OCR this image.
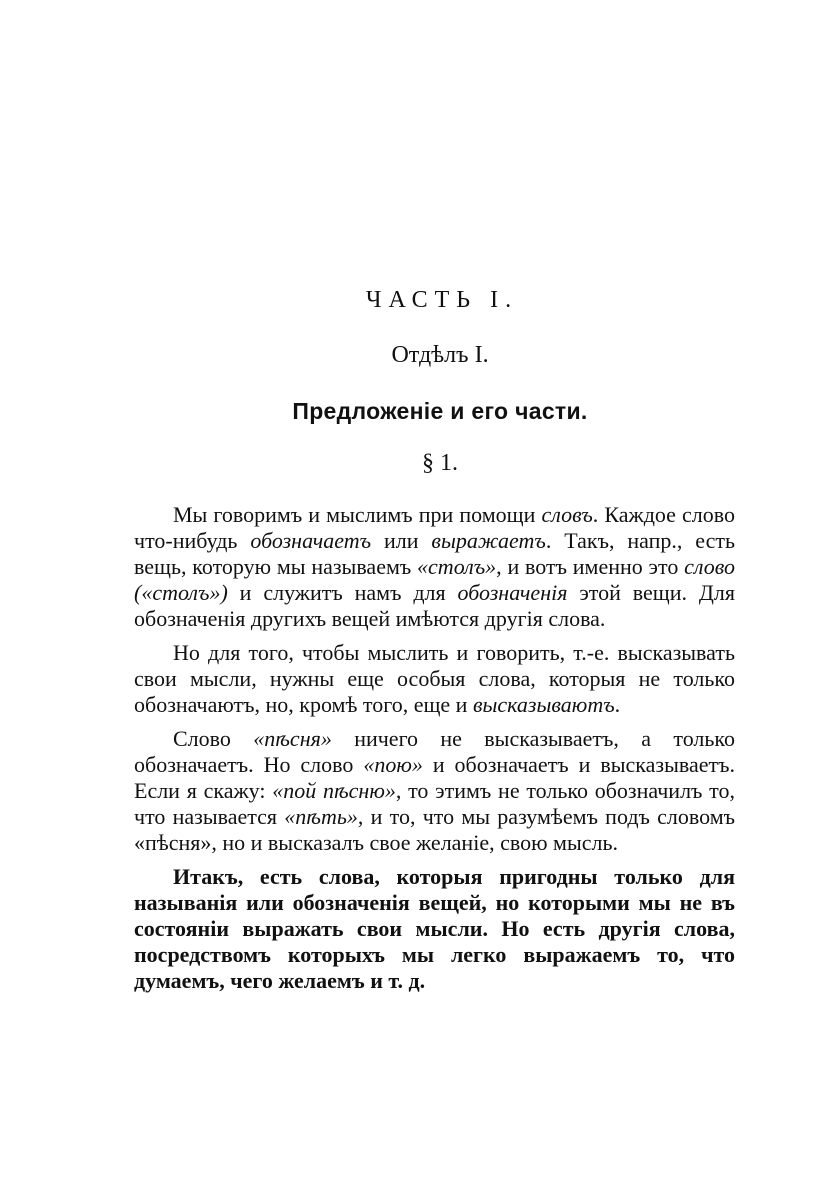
ЧАСТЬ I.
Отдѣлъ I.
Предложенiе и его части.
§ 1.

Мы говоримъ и мыслимъ при помощи словъ. Каждое слово что-нибудь обозначаетъ или выражаетъ. Такъ, напр., есть вещь, которую мы называемъ «столъ», и вотъ именно это слово («столъ») и служитъ намъ для обозначенія этой вещи. Для обозначенія другихъ вещей имѣются другія слова.

Но для того, чтобы мыслить и говорить, т.-е. высказывать свои мысли, нужны еще особыя слова, которыя не только обозначаютъ, но, кромѣ того, еще и высказываютъ.

Слово «пѣсня» ничего не высказываетъ, а только обозначаетъ. Но слово «пою» и обозначаетъ и высказываетъ. Если я скажу: «пой пѣсню», то этимъ не только обозначилъ то, что называется «пѣть», и то, что мы разумѣемъ подъ словомъ «пѣсня», но и высказалъ свое желаніе, свою мысль.

Итакъ, есть слова, которыя пригодны только для называнія или обозначенія вещей, но которыми мы не въ состояніи выражать свои мысли. Но есть другія слова, посредствомъ которыхъ мы легко выражаемъ то, что думаемъ, чего желаемъ и т. д.
